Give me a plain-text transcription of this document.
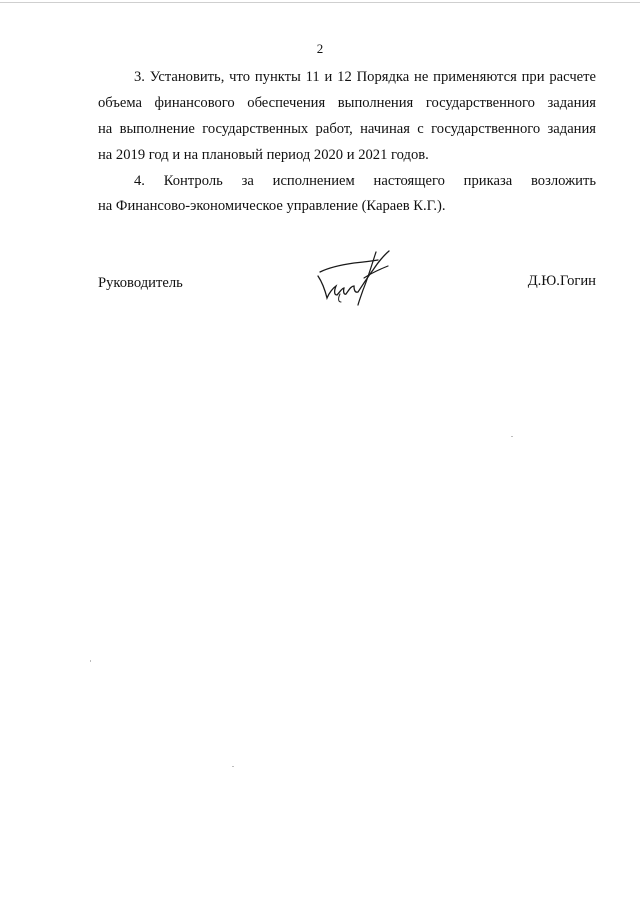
2
3. Установить, что пункты 11 и 12 Порядка не применяются при расчете
объема финансового обеспечения выполнения государственного задания
на выполнение государственных работ, начиная с государственного задания
на 2019 год и на плановый период 2020 и 2021 годов.
4. Контроль за исполнением настоящего приказа возложить
на Финансово-экономическое управление (Караев К.Г.).
Руководитель	Д.Ю.Гогин
